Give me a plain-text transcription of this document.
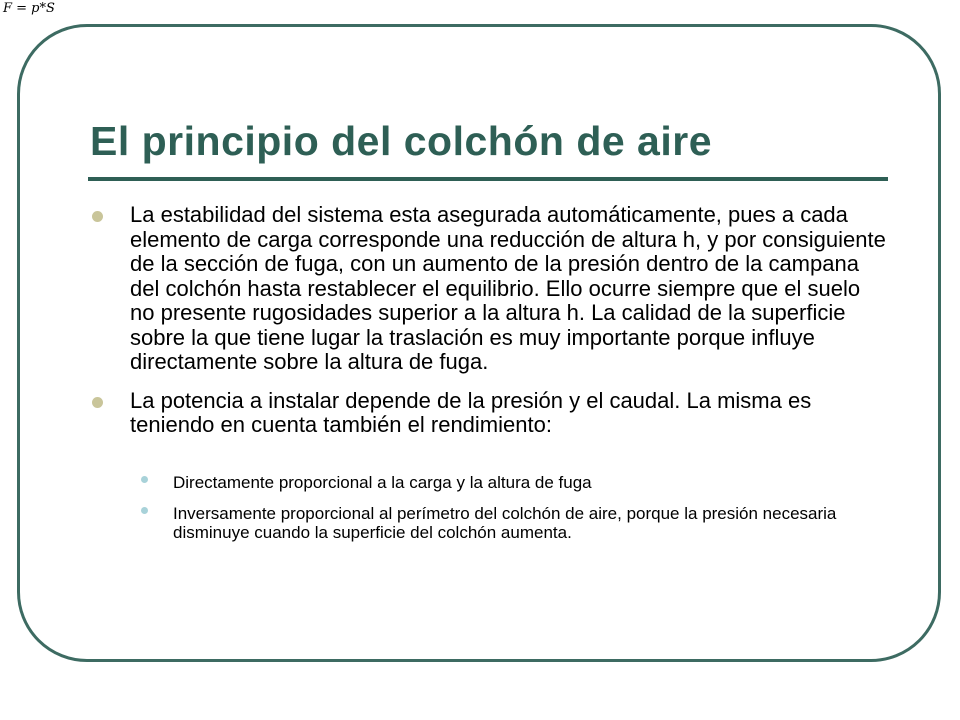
F = p*S
El principio del colchón de aire
La estabilidad del sistema esta asegurada automáticamente, pues a cada elemento de carga corresponde una reducción de altura h, y por consiguiente de la sección de fuga, con un aumento de la presión dentro de la campana del colchón hasta restablecer el equilibrio. Ello ocurre siempre que el suelo no presente rugosidades superior a la altura h. La calidad de la superficie sobre la que tiene lugar la traslación es muy importante porque influye directamente sobre la altura de fuga.
La potencia a instalar depende de la presión y el caudal. La misma es teniendo en cuenta también el rendimiento:
Directamente proporcional a la carga y la altura de fuga
Inversamente proporcional al perímetro del colchón de aire, porque la presión necesaria disminuye cuando la superficie del colchón aumenta.
